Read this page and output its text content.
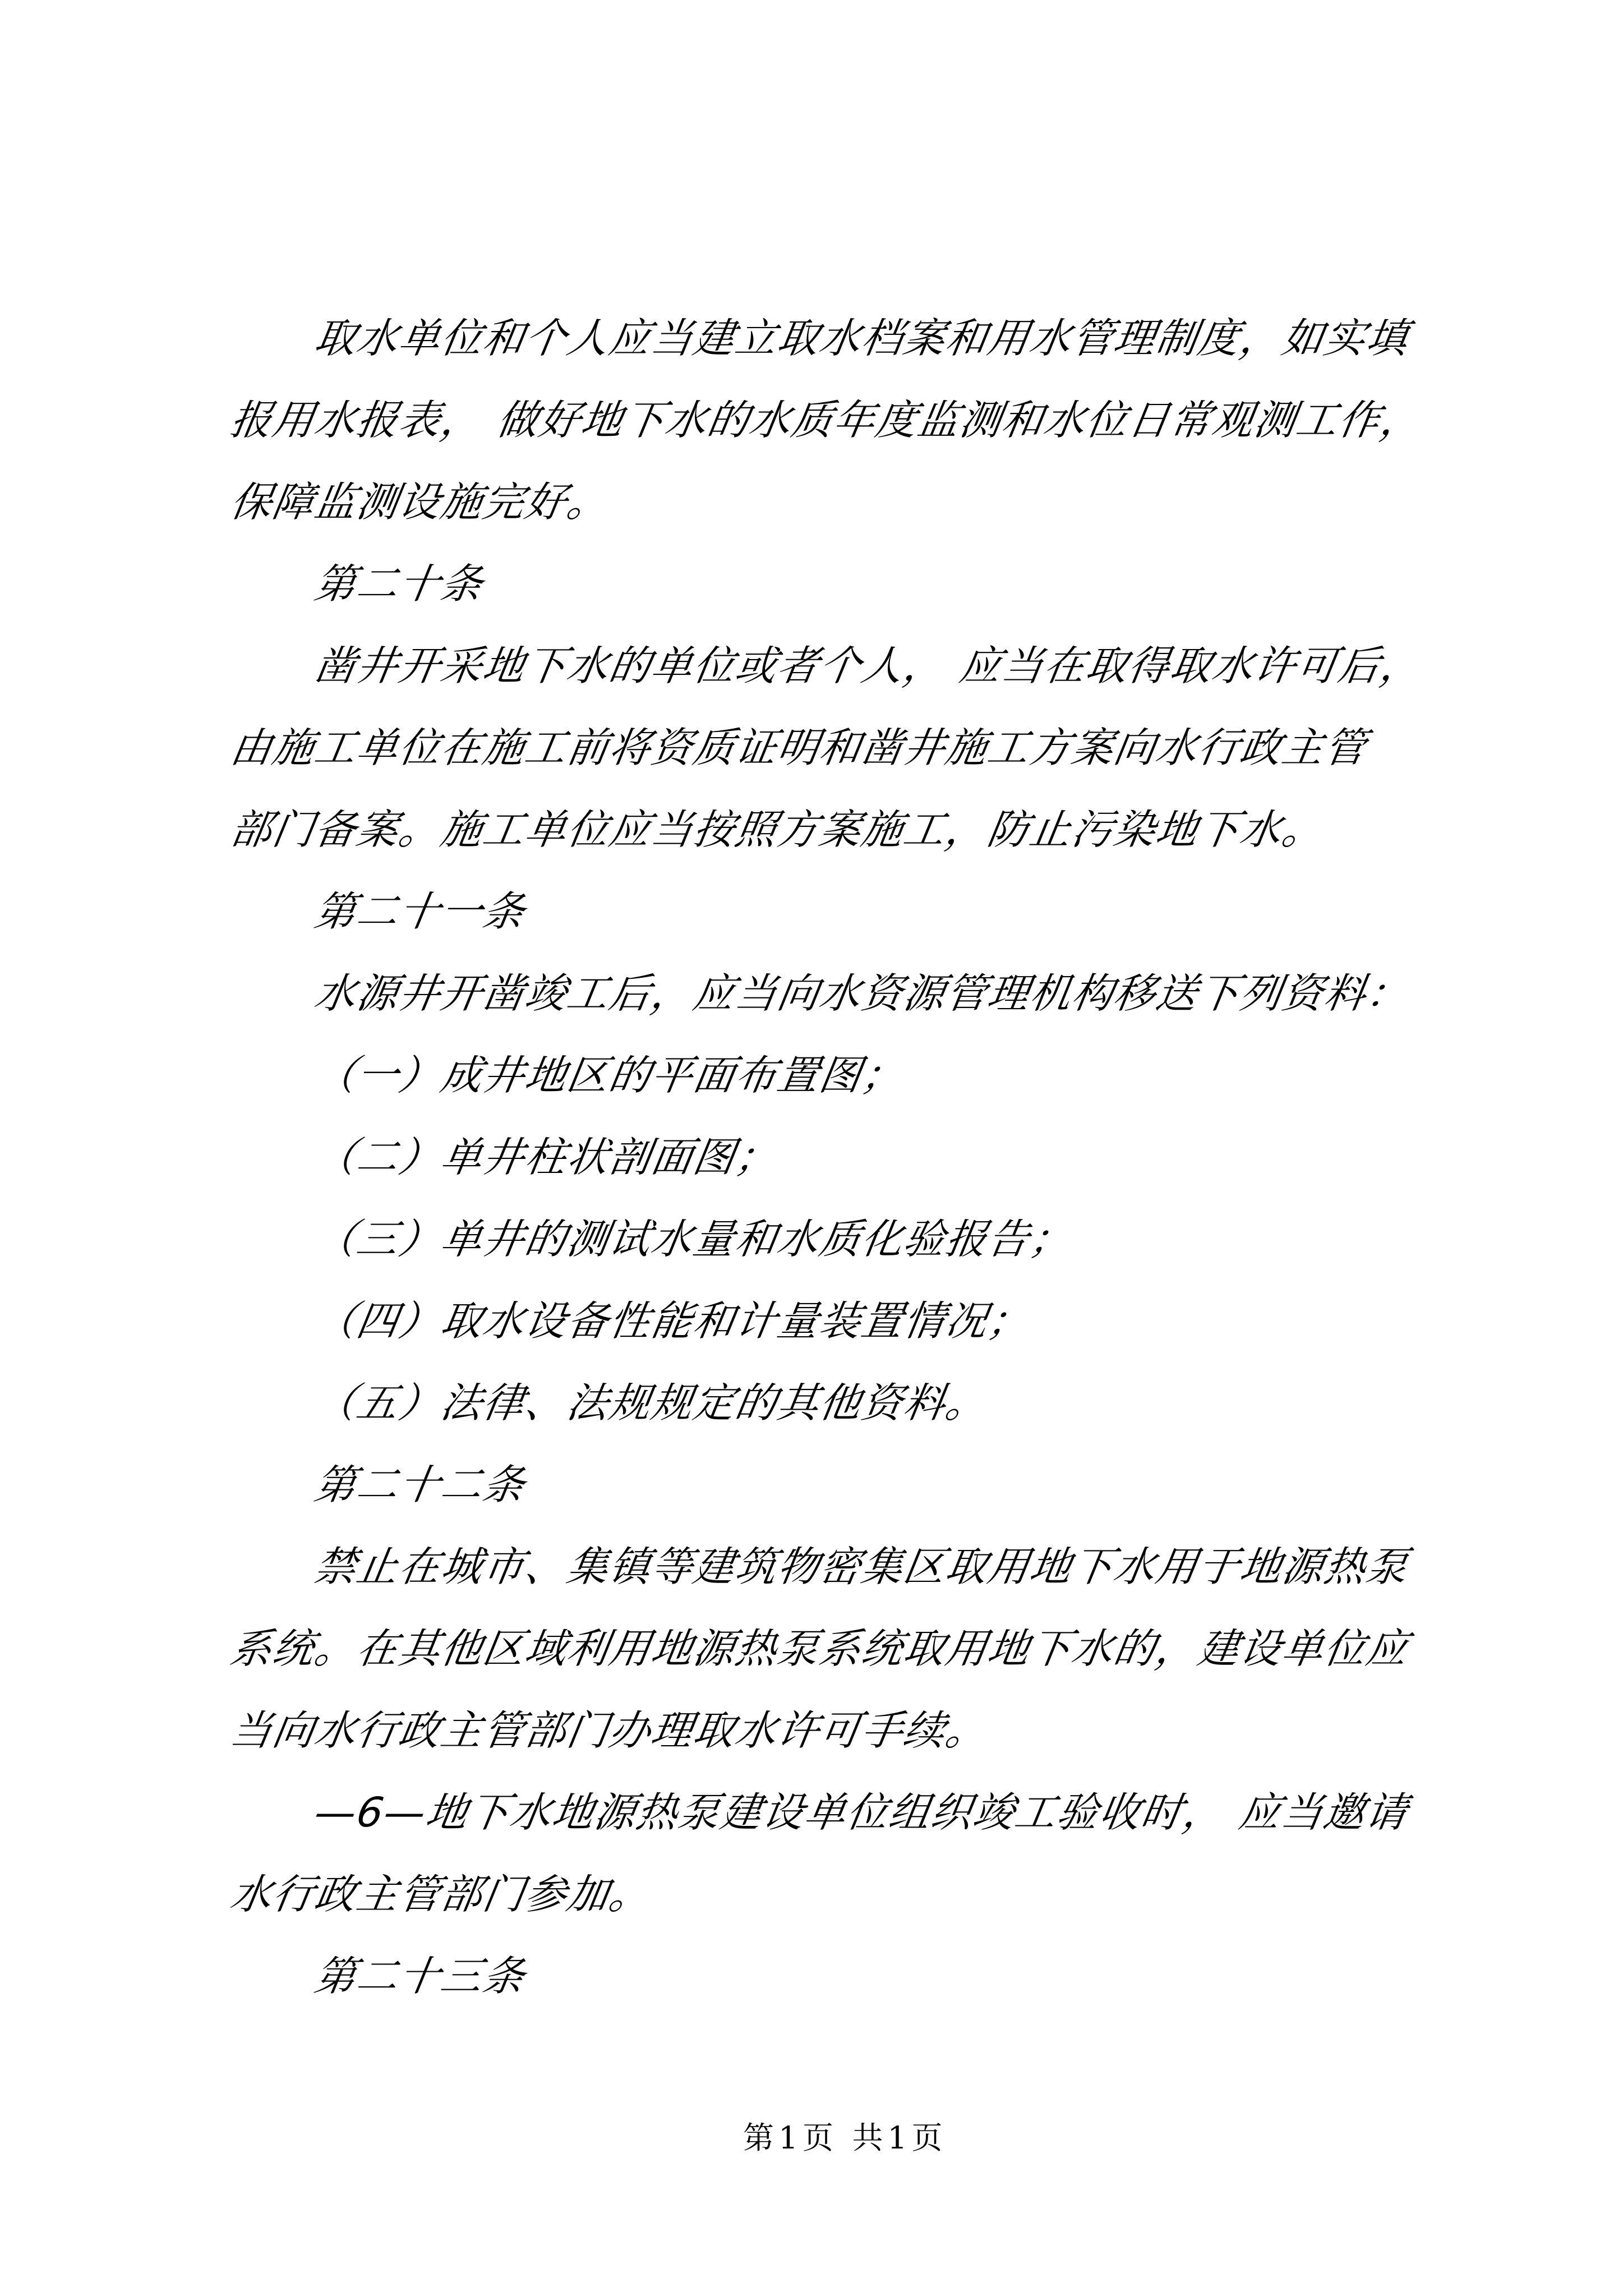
取水单位和个人应当建立取水档案和用水管理制度，如实填
报用水报表， 做好地下水的水质年度监测和水位日常观测工作，
保障监测设施完好。
第二十条
凿井开采地下水的单位或者个人， 应当在取得取水许可后，
由施工单位在施工前将资质证明和凿井施工方案向水行政主管
部门备案。施工单位应当按照方案施工，防止污染地下水。
第二十一条
水源井开凿竣工后，应当向水资源管理机构移送下列资料：
（一）成井地区的平面布置图；
（二）单井柱状剖面图；
（三）单井的测试水量和水质化验报告；
（四）取水设备性能和计量装置情况；
（五）法律、法规规定的其他资料。
第二十二条
禁止在城市、集镇等建筑物密集区取用地下水用于地源热泵
系统。在其他区域利用地源热泵系统取用地下水的，建设单位应
当向水行政主管部门办理取水许可手续。
—6—地下水地源热泵建设单位组织竣工验收时， 应当邀请
水行政主管部门参加。
第二十三条
第1页 共1页
